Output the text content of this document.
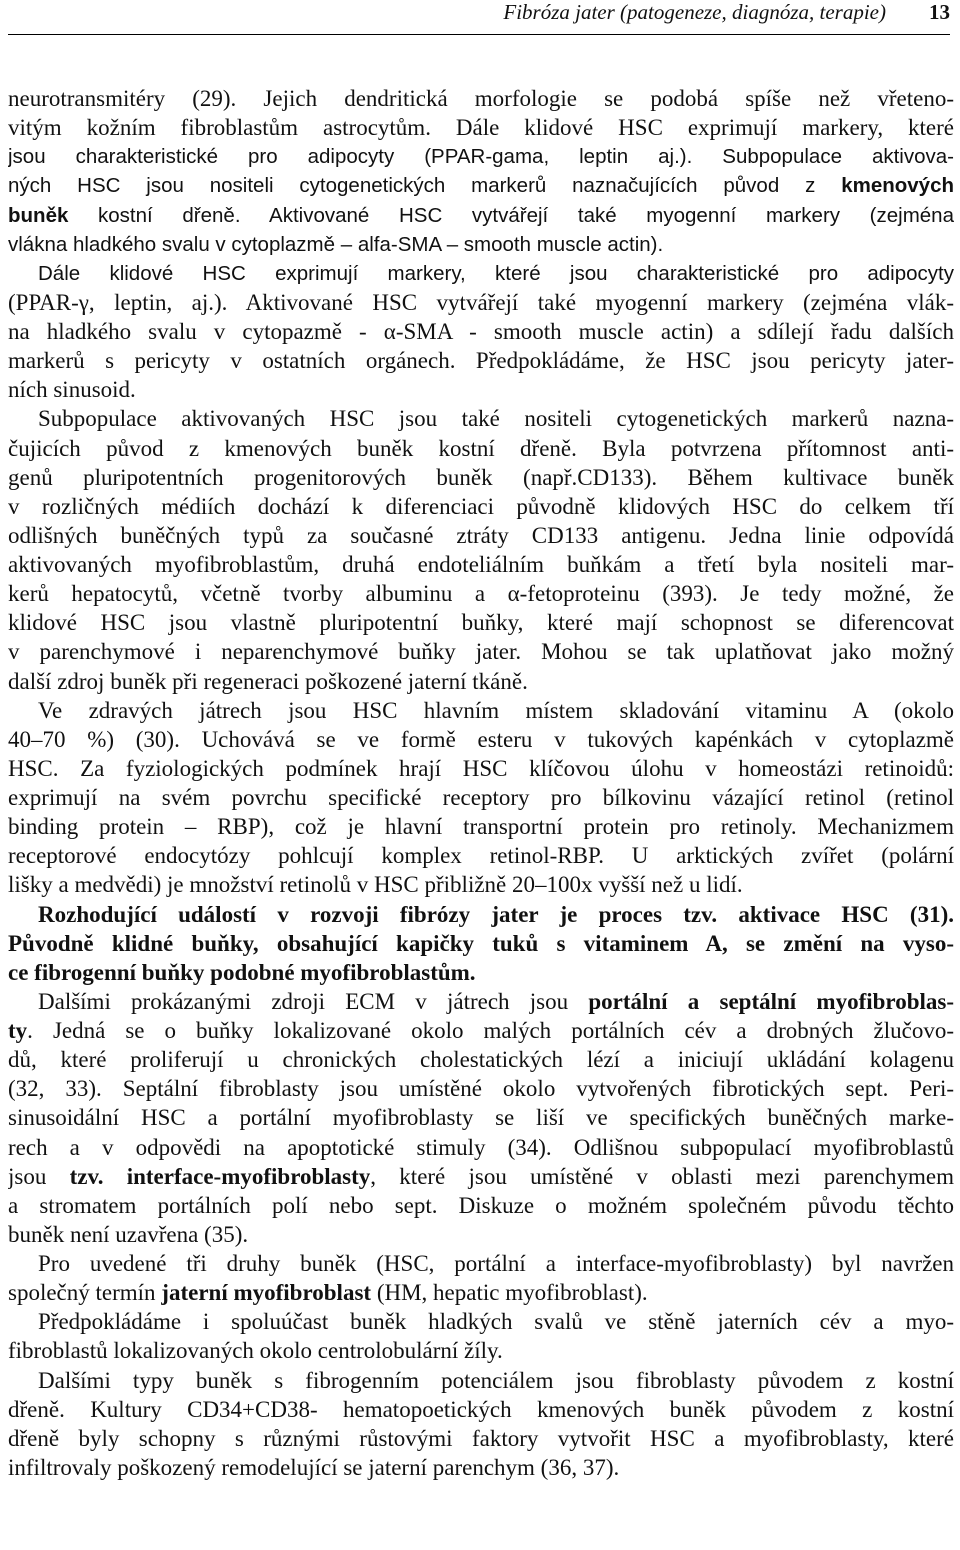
Fibróza jater (patogeneze, diagnóza, terapie) 13
neurotransmitéry (29). Jejich dendritická morfologie se podobá spíše než vřeteno-
vitým kožním fibroblastům astrocytům. Dále klidové HSC exprimují markery, které
jsou charakteristické pro adipocyty (PPAR-gama, leptin aj.). Subpopulace aktivova-
ných HSC jsou nositeli cytogenetických markerů naznačujících původ z kmenových
buněk kostní dřeně. Aktivované HSC vytvářejí také myogenní markery (zejména
vlákna hladkého svalu v cytoplazmě – alfa-SMA – smooth muscle actin).
Dále klidové HSC exprimují markery, které jsou charakteristické pro adipocyty
(PPAR-γ, leptin, aj.). Aktivované HSC vytvářejí také myogenní markery (zejména vlák-
na hladkého svalu v cytopazmě - α-SMA - smooth muscle actin) a sdílejí řadu dalších
markerů s pericyty v ostatních orgánech. Předpokládáme, že HSC jsou pericyty jater-
ních sinusoid.
Subpopulace aktivovaných HSC jsou také nositeli cytogenetických markerů nazna-
čujicích původ z kmenových buněk kostní dřeně. Byla potvrzena přítomnost anti-
genů pluripotentních progenitorových buněk (např.CD133). Během kultivace buněk
v rozličných médiích dochází k diferenciaci původně klidových HSC do celkem tří
odlišných buněčných typů za současné ztráty CD133 antigenu. Jedna linie odpovídá
aktivovaných myofibroblastům, druhá endoteliálním buňkám a třetí byla nositeli mar-
kerů hepatocytů, včetně tvorby albuminu a α-fetoproteinu (393). Je tedy možné, že
klidové HSC jsou vlastně pluripotentní buňky, které mají schopnost se diferencovat
v parenchymové i neparenchymové buňky jater. Mohou se tak uplatňovat jako možný
další zdroj buněk při regeneraci poškozené jaterní tkáně.
Ve zdravých játrech jsou HSC hlavním místem skladování vitaminu A (okolo
40–70 %) (30). Uchovává se ve formě esteru v tukových kapénkách v cytoplazmě
HSC. Za fyziologických podmínek hrají HSC klíčovou úlohu v homeostázi retinoidů:
exprimují na svém povrchu specifické receptory pro bílkovinu vázající retinol (retinol
binding protein – RBP), což je hlavní transportní protein pro retinoly. Mechanizmem
receptorové endocytózy pohlcují komplex retinol-RBP. U arktických zvířet (polární
lišky a medvědi) je množství retinolů v HSC přibližně 20–100x vyšší než u lidí.
Rozhodující událostí v rozvoji fibrózy jater je proces tzv. aktivace HSC (31).
Původně klidné buňky, obsahující kapičky tuků s vitaminem A, se změní na vyso-
ce fibrogenní buňky podobné myofibroblastům.
Dalšími prokázanými zdroji ECM v játrech jsou portální a septální myofibroblas-
ty. Jedná se o buňky lokalizované okolo malých portálních cév a drobných žlučovo-
dů, které proliferují u chronických cholestatických lézí a iniciují ukládání kolagenu
(32, 33). Septální fibroblasty jsou umístěné okolo vytvořených fibrotických sept. Peri-
sinusoidální HSC a portální myofibroblasty se liší ve specifických buněčných marke-
rech a v odpovědi na apoptotické stimuly (34). Odlišnou subpopulací myofibroblastů
jsou tzv. interface-myofibroblasty, které jsou umístěné v oblasti mezi parenchymem
a stromatem portálních polí nebo sept. Diskuze o možném společném původu těchto
buněk není uzavřena (35).
Pro uvedené tři druhy buněk (HSC, portální a interface-myofibroblasty) byl navržen
společný termín jaterní myofibroblast (HM, hepatic myofibroblast).
Předpokládáme i spoluúčast buněk hladkých svalů ve stěně jaterních cév a myo-
fibroblastů lokalizovaných okolo centrolobulární žíly.
Dalšími typy buněk s fibrogenním potenciálem jsou fibroblasty původem z kostní
dřeně. Kultury CD34+CD38- hematopoetických kmenových buněk původem z kostní
dřeně byly schopny s různými růstovými faktory vytvořit HSC a myofibroblasty, které
infiltrovaly poškozený remodelující se jaterní parenchym (36, 37).
